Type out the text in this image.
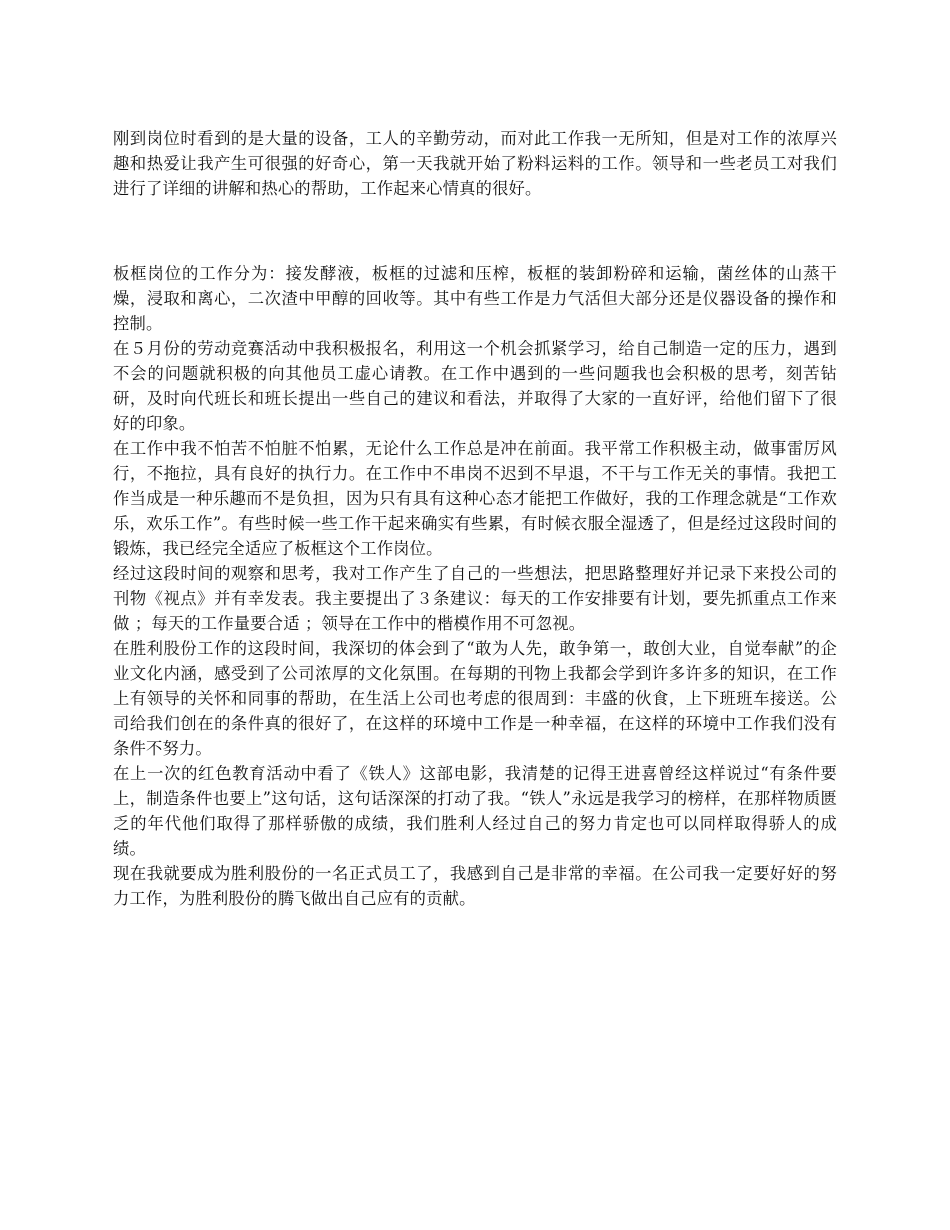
刚到岗位时看到的是大量的设备，工人的辛勤劳动，而对此工作我一无所知，但是对工作的浓厚兴趣和热爱让我产生可很强的好奇心，第一天我就开始了粉料运料的工作。领导和一些老员工对我们进行了详细的讲解和热心的帮助，工作起来心情真的很好。

板框岗位的工作分为：接发酵液，板框的过滤和压榨，板框的装卸粉碎和运输，菌丝体的山蒸干燥，浸取和离心，二次渣中甲醇的回收等。其中有些工作是力气活但大部分还是仪器设备的操作和控制。

在５月份的劳动竞赛活动中我积极报名，利用这一个机会抓紧学习，给自己制造一定的压力，遇到不会的问题就积极的向其他员工虚心请教。在工作中遇到的一些问题我也会积极的思考，刻苦钻研，及时向代班长和班长提出一些自己的建议和看法，并取得了大家的一直好评，给他们留下了很好的印象。

在工作中我不怕苦不怕脏不怕累，无论什么工作总是冲在前面。我平常工作积极主动，做事雷厉风行，不拖拉，具有良好的执行力。在工作中不串岗不迟到不早退，不干与工作无关的事情。我把工作当成是一种乐趣而不是负担，因为只有具有这种心态才能把工作做好，我的工作理念就是“工作欢乐，欢乐工作”。有些时候一些工作干起来确实有些累，有时候衣服全湿透了，但是经过这段时间的锻炼，我已经完全适应了板框这个工作岗位。

经过这段时间的观察和思考，我对工作产生了自己的一些想法，把思路整理好并记录下来投公司的刊物《视点》并有幸发表。我主要提出了３条建议：每天的工作安排要有计划，要先抓重点工作来做 ；每天的工作量要合适 ；领导在工作中的楷模作用不可忽视。

在胜利股份工作的这段时间，我深切的体会到了“敢为人先，敢争第一，敢创大业，自觉奉献”的企业文化内涵，感受到了公司浓厚的文化氛围。在每期的刊物上我都会学到许多许多的知识，在工作上有领导的关怀和同事的帮助，在生活上公司也考虑的很周到：丰盛的伙食，上下班班车接送。公司给我们创在的条件真的很好了，在这样的环境中工作是一种幸福，在这样的环境中工作我们没有条件不努力。

在上一次的红色教育活动中看了《铁人》这部电影，我清楚的记得王进喜曾经这样说过“有条件要上，制造条件也要上”这句话，这句话深深的打动了我。“铁人”永远是我学习的榜样，在那样物质匮乏的年代他们取得了那样骄傲的成绩，我们胜利人经过自己的努力肯定也可以同样取得骄人的成绩。

现在我就要成为胜利股份的一名正式员工了，我感到自己是非常的幸福。在公司我一定要好好的努力工作，为胜利股份的腾飞做出自己应有的贡献。
